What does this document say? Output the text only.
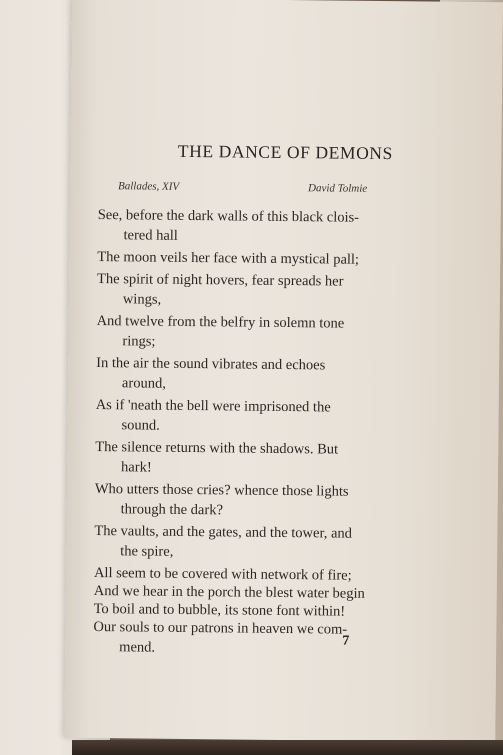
THE DANCE OF DEMONS
Ballades, XIV	David Tolmie
See, before the dark walls of this black clois-
tered hall
The moon veils her face with a mystical pall;
The spirit of night hovers, fear spreads her
wings,
And twelve from the belfry in solemn tone
rings;
In the air the sound vibrates and echoes
around,
As if 'neath the bell were imprisoned the
sound.
The silence returns with the shadows. But
hark!
Who utters those cries? whence those lights
through the dark?
The vaults, and the gates, and the tower, and
the spire,
All seem to be covered with network of fire;
And we hear in the porch the blest water begin
To boil and to bubble, its stone font within!
Our souls to our patrons in heaven we com-
mend.	7
